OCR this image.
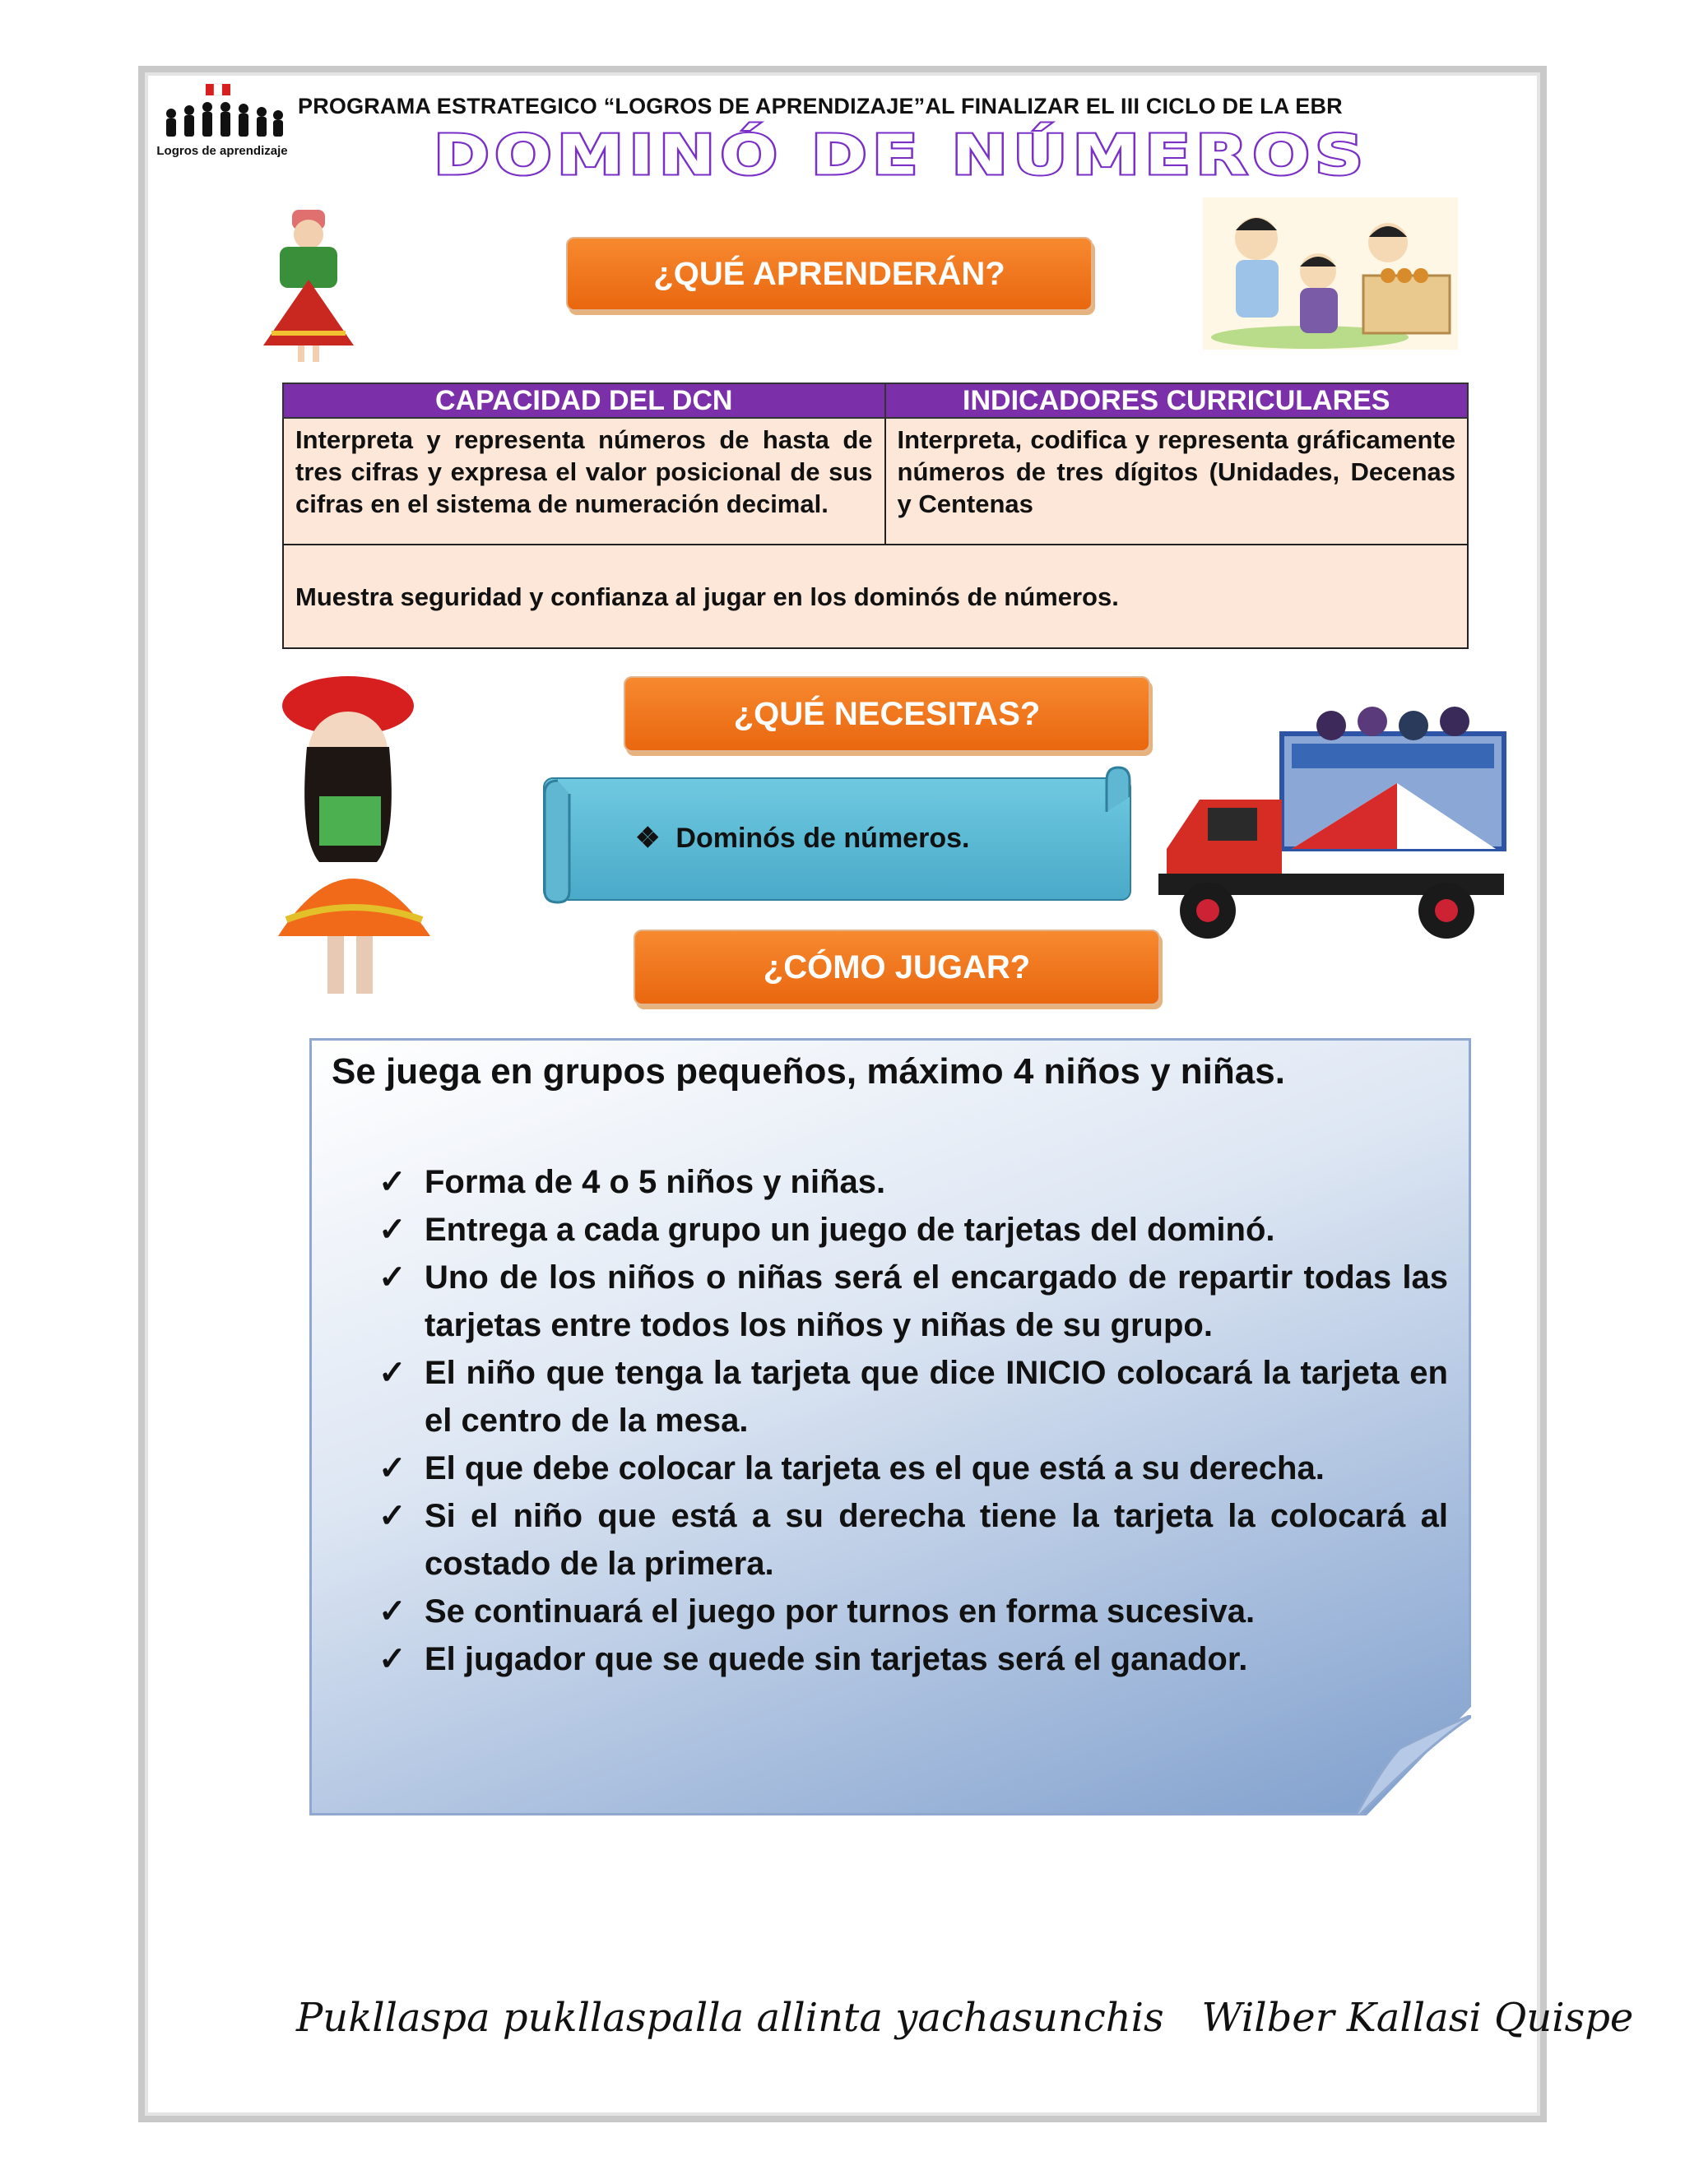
Logros de aprendizaje
PROGRAMA ESTRATEGICO “LOGROS DE APRENDIZAJE”AL FINALIZAR EL III CICLO DE LA EBR
DOMINÓ DE NÚMEROS
¿QUÉ APRENDERÁN?
CAPACIDAD DEL DCN	INDICADORES CURRICULARES
Interpreta y representa números de hasta de tres cifras y expresa el valor posicional de sus cifras en el sistema de numeración decimal.	Interpreta, codifica y representa gráficamente números de tres dígitos (Unidades, Decenas y Centenas
Muestra seguridad y confianza al jugar en los dominós de números.	
¿QUÉ NECESITAS?
❖ Dominós de números.
¿CÓMO JUGAR?
Se juega en grupos pequeños, máximo 4 niños y niñas.
✓ Forma de 4 o 5 niños y niñas.
✓ Entrega a cada grupo un juego de tarjetas del dominó.
✓ Uno de los niños o niñas será el encargado de repartir todas las tarjetas entre todos los niños y niñas de su grupo.
✓ El niño que tenga la tarjeta que dice INICIO colocará la tarjeta en el centro de la mesa.
✓ El que debe colocar la tarjeta es el que está a su derecha.
✓ Si el niño que está a su derecha tiene la tarjeta la colocará al costado de la primera.
✓ Se continuará el juego por turnos en forma sucesiva.
✓ El jugador que se quede sin tarjetas será el ganador.
Pukllaspa pukllaspalla allinta yachasunchis Wilber Kallasi Quispe
